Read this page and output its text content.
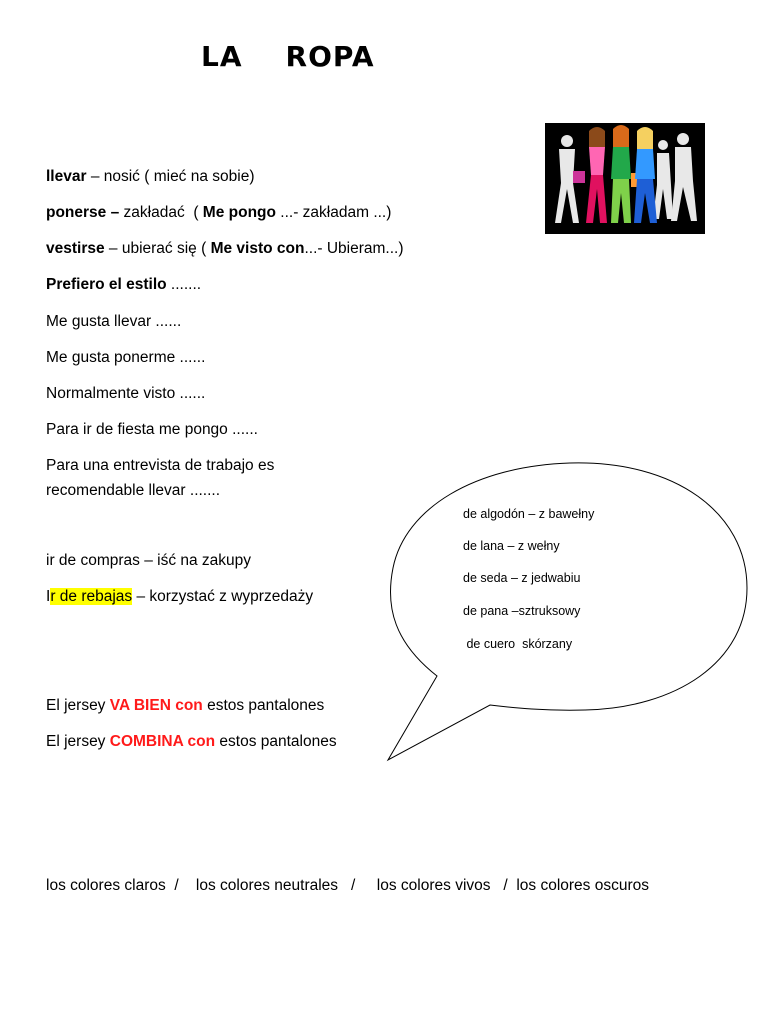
LA    ROPA
llevar – nosić ( mieć na sobie)
ponerse – zakładać  ( Me pongo ...- zakładam ...)
vestirse – ubierać się ( Me visto con...- Ubieram...)
Prefiero el estilo .......
Me gusta llevar ......
Me gusta ponerme ......
Normalmente visto ......
Para ir de fiesta me pongo ......
Para una entrevista de trabajo es
recomendable llevar .......
ir de compras – iść na zakupy
Ir de rebajas – korzystać z wyprzedaży
El jersey VA BIEN con estos pantalones
El jersey COMBINA con estos pantalones
los colores claros  /    los colores neutrales   /     los colores vivos   /  los colores oscuros
de algodón – z bawełny
de lana – z wełny
de seda – z jedwabiu
de pana –sztruksowy
de cuero  skórzany
